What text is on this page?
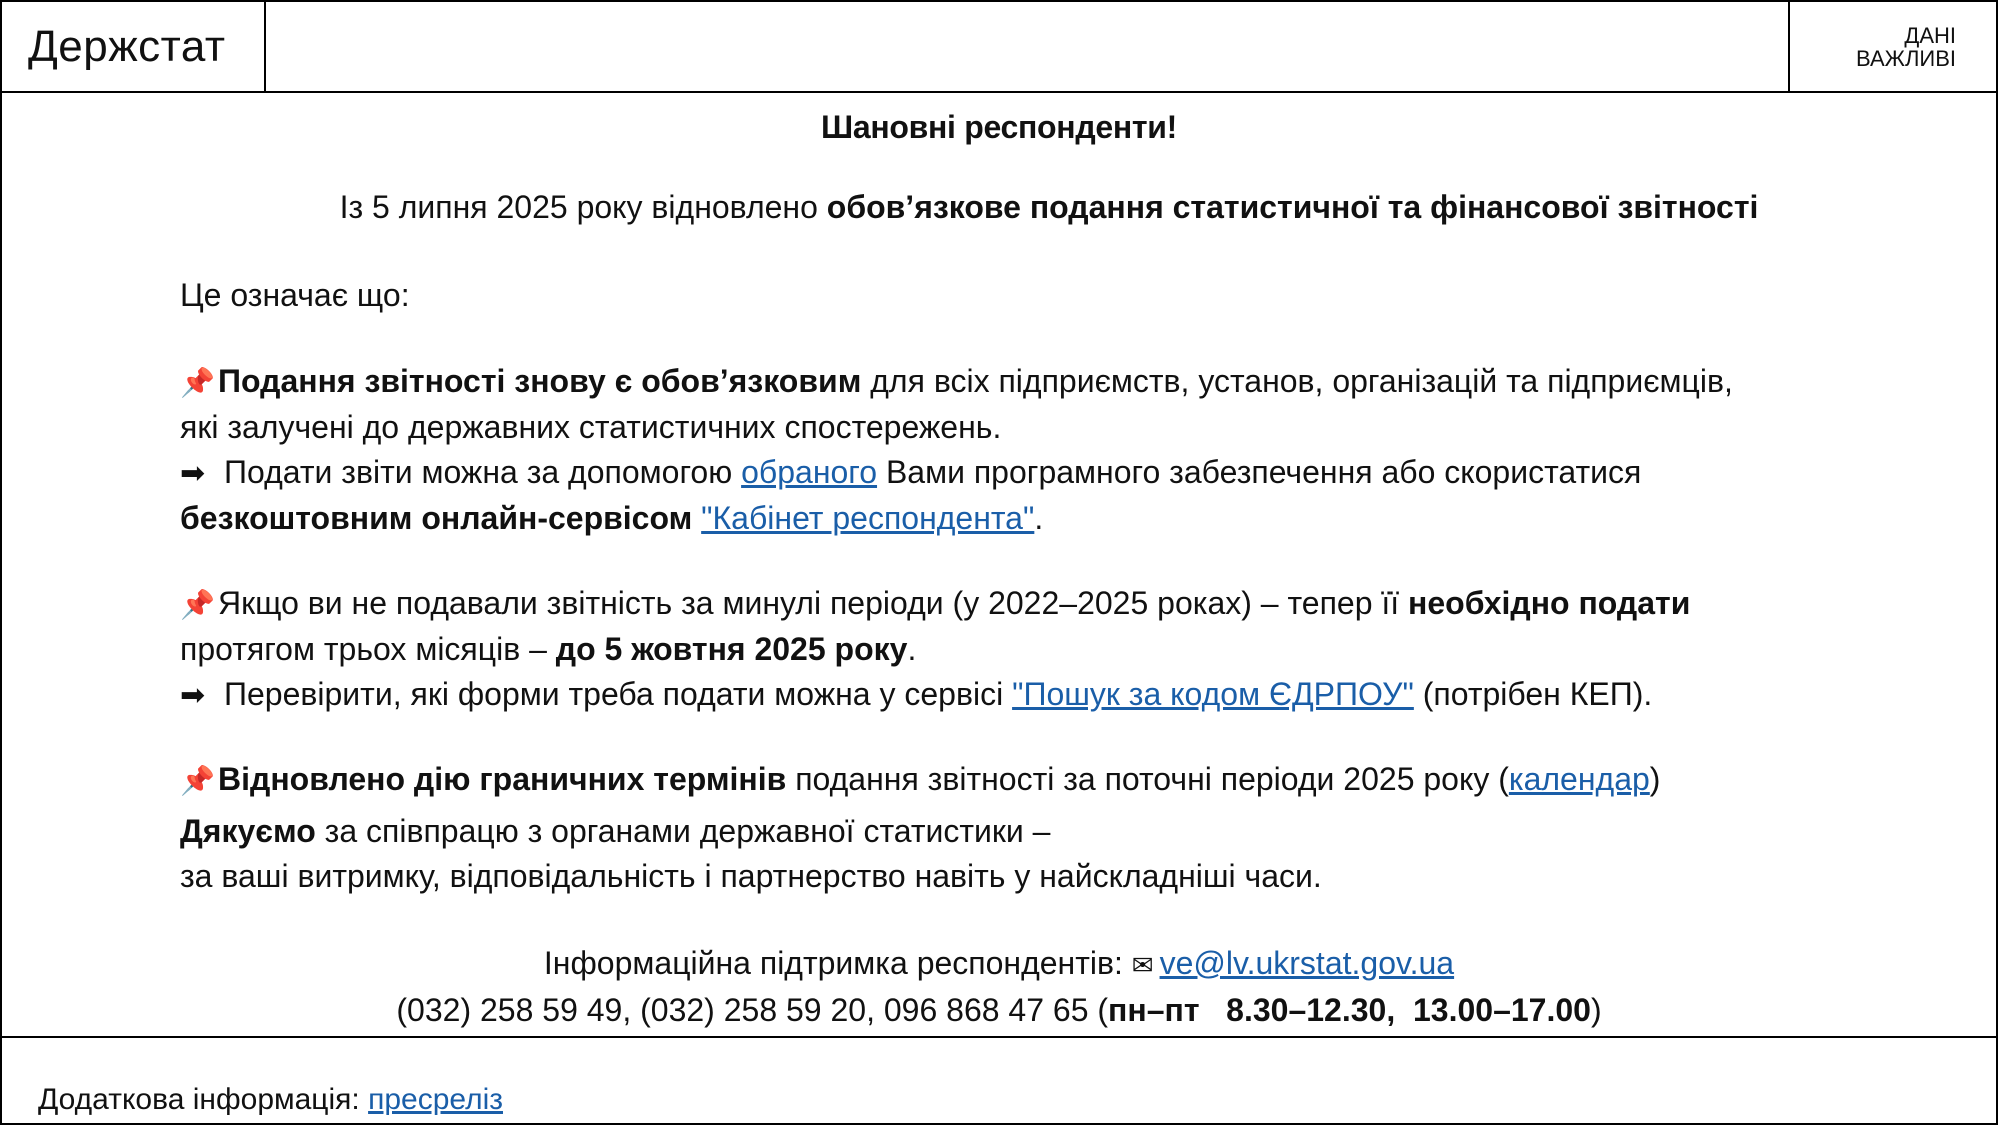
Держстат	ДАНІ
ВАЖЛИВІ
Шановні респонденти!
Із 5 липня 2025 року відновлено обов’язкове подання статистичної та фінансової звітності
Це означає що:
📌Подання звітності знову є обов’язковим для всіх підприємств, установ, організацій та підприємців,
які залучені до державних статистичних спостережень.
➡ Подати звіти можна за допомогою обраного Вами програмного забезпечення або скористатися
безкоштовним онлайн-сервісом "Кабінет респондента".
📌Якщо ви не подавали звітність за минулі періоди (у 2022–2025 роках) – тепер її необхідно подати
протягом трьох місяців – до 5 жовтня 2025 року.
➡ Перевірити, які форми треба подати можна у сервісі "Пошук за кодом ЄДРПОУ" (потрібен КЕП).
📌Відновлено дію граничних термінів подання звітності за поточні періоди 2025 року (календар)
Дякуємо за співпрацю з органами державної статистики –
за ваші витримку, відповідальність і партнерство навіть у найскладніші часи.
Інформаційна підтримка респондентів: ✉ ve@lv.ukrstat.gov.ua
(032) 258 59 49, (032) 258 59 20, 096 868 47 65 (пн–пт   8.30–12.30,  13.00–17.00)
Додаткова інформація: пресреліз
